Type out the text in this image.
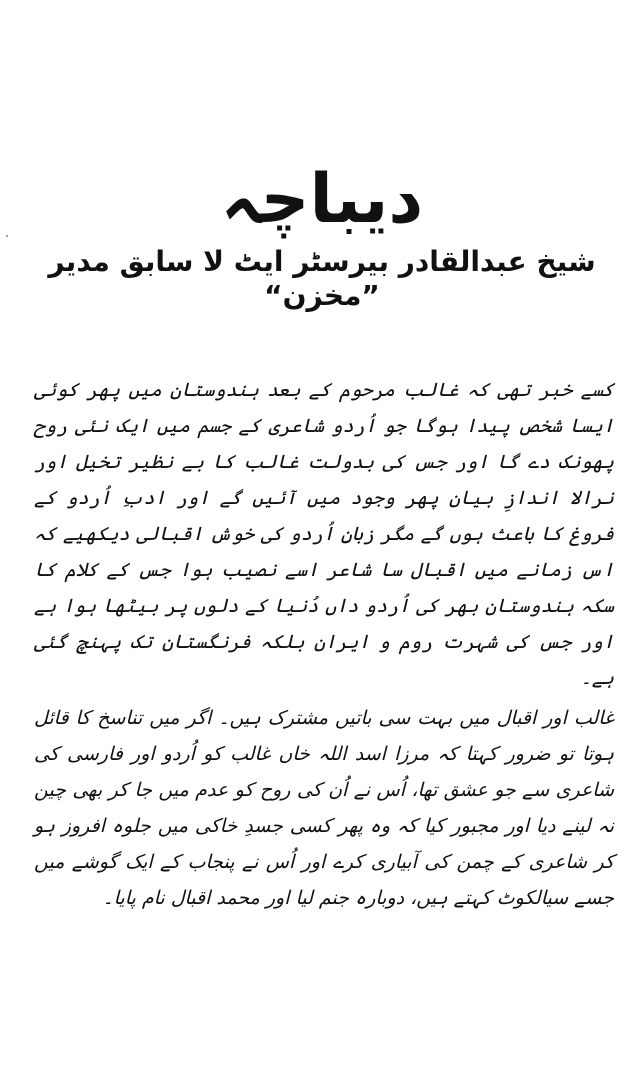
دیباچہ
شیخ عبدالقادر بیرسٹر ایٹ لا سابق مدیر ”مخزن“

کسے خبر تھی کہ غالب مرحوم کے بعد ہندوستان میں پھر کوئی ایسا شخص پیدا ہوگا جو اُردو شاعری کے جسم میں ایک نئی روح پھونک دے گا اور جس کی بدولت غالب کا بے نظیر تخیل اور نرالا اندازِ بیان پھر وجود میں آئیں گے اور ادبِ اُردو کے فروغ کا باعث ہوں گے مگر زبانِ اُردو کی خوش اقبالی دیکھیے کہ اس زمانے میں اقبال سا شاعر اسے نصیب ہوا جس کے کلام کا سکہ ہندوستان بھر کی اُردو داں دُنیا کے دلوں پر بیٹھا ہوا ہے اور جس کی شہرت روم و ایران بلکہ فرنگستان تک پہنچ گئی ہے۔

غالب اور اقبال میں بہت سی باتیں مشترک ہیں۔ اگر میں تناسخ کا قائل ہوتا تو ضرور کہتا کہ مرزا اسد اللہ خاں غالب کو اُردو اور فارسی کی شاعری سے جو عشق تھا، اُس نے اُن کی روح کو عدم میں جا کر بھی چین نہ لینے دیا اور مجبور کیا کہ وہ پھر کسی جسدِ خاکی میں جلوہ افروز ہو کر شاعری کے چمن کی آبیاری کرے اور اُس نے پنجاب کے ایک گوشے میں جسے سیالکوٹ کہتے ہیں، دوبارہ جنم لیا اور محمد اقبال نام پایا۔
